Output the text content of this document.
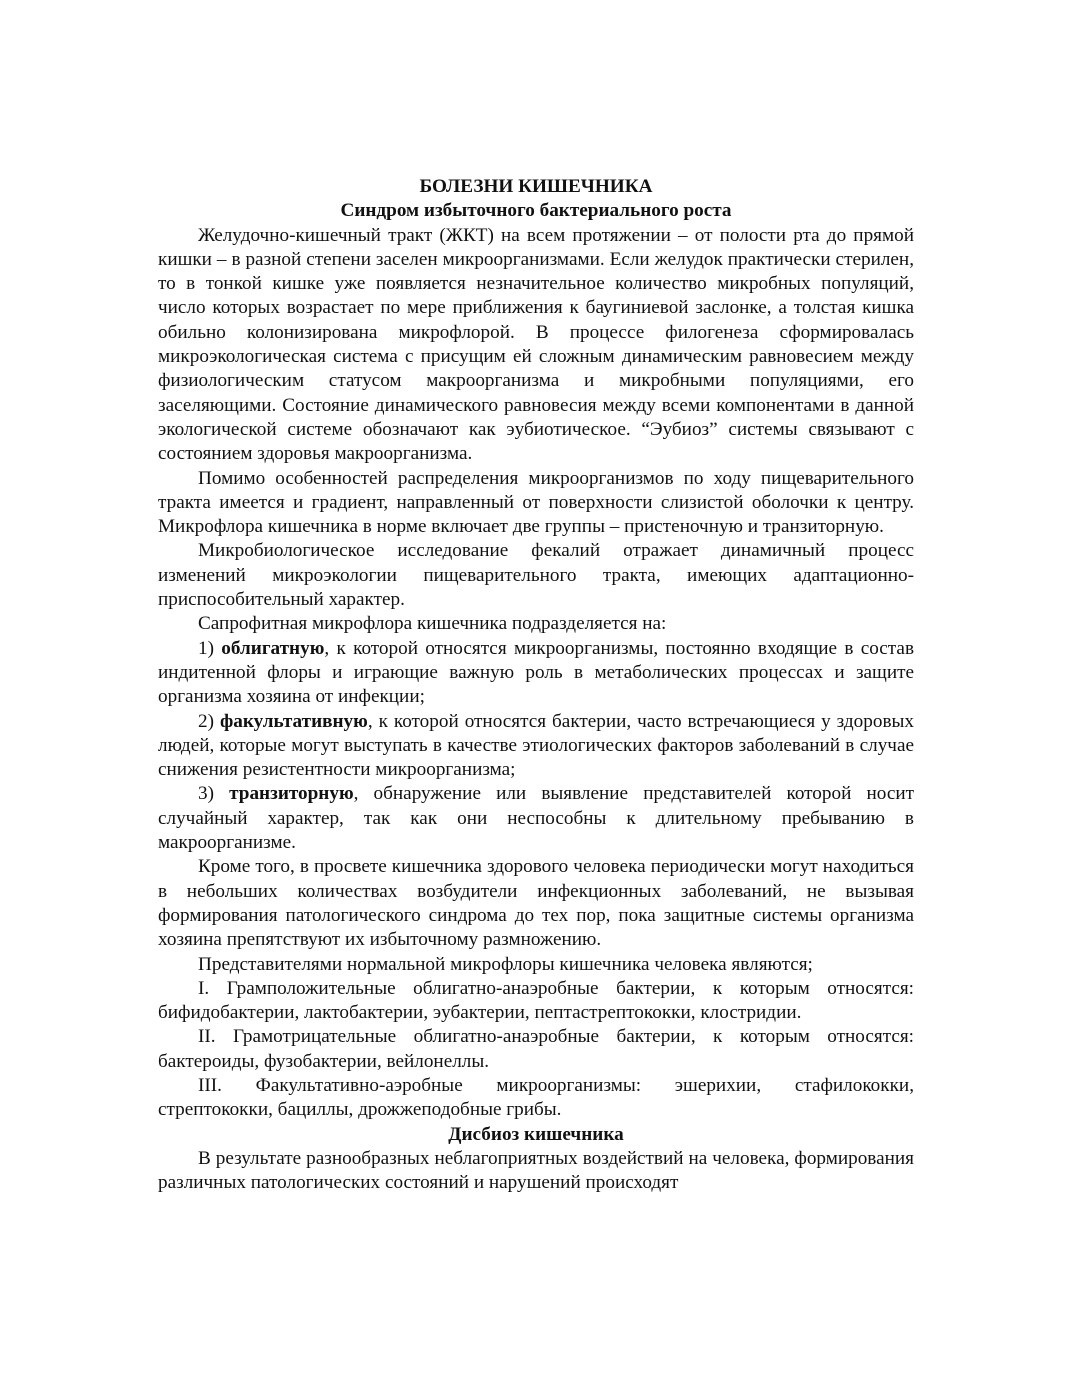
БОЛЕЗНИ КИШЕЧНИКА
Синдром избыточного бактериального роста

Желудочно-кишечный тракт (ЖКТ) на всем протяжении – от полости рта до прямой кишки – в разной степени заселен микроорганизмами. Если желудок практически стерилен, то в тонкой кишке уже появляется незначительное количество микробных популяций, число которых возрастает по мере приближения к баугиниевой заслонке, а толстая кишка обильно колонизирована микрофлорой. В процессе филогенеза сформировалась микроэкологическая система с присущим ей сложным динамическим равновесием между физиологическим статусом макроорганизма и микробными популяциями, его заселяющими. Состояние динамического равновесия между всеми компонентами в данной экологической системе обозначают как эубиотическое. “Эубиоз” системы связывают с состоянием здоровья макроорганизма.

Помимо особенностей распределения микроорганизмов по ходу пищеварительного тракта имеется и градиент, направленный от поверхности слизистой оболочки к центру. Микрофлора кишечника в норме включает две группы – пристеночную и транзиторную.

Микробиологическое исследование фекалий отражает динамичный процесс изменений микроэкологии пищеварительного тракта, имеющих адаптационно-приспособительный характер.

Сапрофитная микрофлора кишечника подразделяется на:

1) облигатную, к которой относятся микроорганизмы, постоянно входящие в состав индитенной флоры и играющие важную роль в метаболических процессах и защите организма хозяина от инфекции;

2) факультативную, к которой относятся бактерии, часто встречающиеся у здоровых людей, которые могут выступать в качестве этиологических факторов заболеваний в случае снижения резистентности микроорганизма;

3) транзиторную, обнаружение или выявление представителей которой носит случайный характер, так как они неспособны к длительному пребыванию в макроорганизме.

Кроме того, в просвете кишечника здорового человека периодически могут находиться в небольших количествах возбудители инфекционных заболеваний, не вызывая формирования патологического синдрома до тех пор, пока защитные системы организма хозяина препятствуют их избыточному размножению.

Представителями нормальной микрофлоры кишечника человека являются;

I. Грамположительные облигатно-анаэробные бактерии, к которым относятся: бифидобактерии, лактобактерии, эубактерии, пептастрептококки, клостридии.

II. Грамотрицательные облигатно-анаэробные бактерии, к которым относятся: бактероиды, фузобактерии, вейлонеллы.

III. Факультативно-аэробные микроорганизмы: эшерихии, стафилококки, стрептококки, бациллы, дрожжеподобные грибы.

Дисбиоз кишечника

В результате разнообразных неблагоприятных воздействий на человека, формирования различных патологических состояний и нарушений происходят
